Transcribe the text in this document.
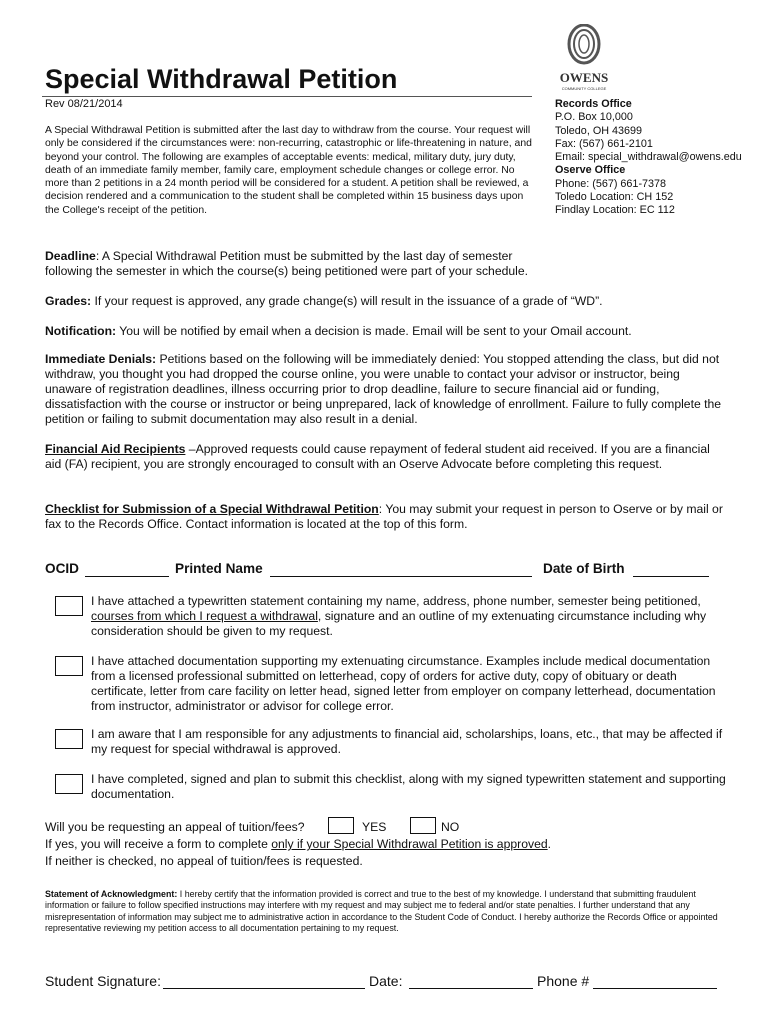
Special Withdrawal Petition
Rev 08/21/2014
A Special Withdrawal Petition is submitted after the last day to withdraw from the course. Your request will only be considered if the circumstances were: non-recurring, catastrophic or life-threatening in nature, and beyond your control. The following are examples of acceptable events: medical, military duty, jury duty, death of an immediate family member, family care, employment schedule changes or college error. No more than 2 petitions in a 24 month period will be considered for a student. A petition shall be reviewed, a decision rendered and a communication to the student shall be completed within 15 business days upon the College's receipt of the petition.
OWENS
COMMUNITY COLLEGE
Records Office
P.O. Box 10,000
Toledo, OH 43699
Fax: (567) 661-2101
Email: special_withdrawal@owens.edu
Oserve Office
Phone: (567) 661-7378
Toledo Location: CH 152
Findlay Location: EC 112
Deadline: A Special Withdrawal Petition must be submitted by the last day of semester following the semester in which the course(s) being petitioned were part of your schedule.
Grades: If your request is approved, any grade change(s) will result in the issuance of a grade of “WD”.
Notification: You will be notified by email when a decision is made. Email will be sent to your Omail account.
Immediate Denials: Petitions based on the following will be immediately denied: You stopped attending the class, but did not withdraw, you thought you had dropped the course online, you were unable to contact your advisor or instructor, being unaware of registration deadlines, illness occurring prior to drop deadline, failure to secure financial aid or funding, dissatisfaction with the course or instructor or being unprepared, lack of knowledge of enrollment. Failure to fully complete the petition or failing to submit documentation may also result in a denial.
Financial Aid Recipients –Approved requests could cause repayment of federal student aid received. If you are a financial aid (FA) recipient, you are strongly encouraged to consult with an Oserve Advocate before completing this request.
Checklist for Submission of a Special Withdrawal Petition: You may submit your request in person to Oserve or by mail or fax to the Records Office. Contact information is located at the top of this form.
OCID	Printed Name	Date of Birth
I have attached a typewritten statement containing my name, address, phone number, semester being petitioned, courses from which I request a withdrawal, signature and an outline of my extenuating circumstance including why consideration should be given to my request.
I have attached documentation supporting my extenuating circumstance. Examples include medical documentation from a licensed professional submitted on letterhead, copy of orders for active duty, copy of obituary or death certificate, letter from care facility on letter head, signed letter from employer on company letterhead, documentation from instructor, administrator or advisor for college error.
I am aware that I am responsible for any adjustments to financial aid, scholarships, loans, etc., that may be affected if my request for special withdrawal is approved.
I have completed, signed and plan to submit this checklist, along with my signed typewritten statement and supporting documentation.
Will you be requesting an appeal of tuition/fees?	YES	NO
If yes, you will receive a form to complete only if your Special Withdrawal Petition is approved.
If neither is checked, no appeal of tuition/fees is requested.
Statement of Acknowledgment: I hereby certify that the information provided is correct and true to the best of my knowledge. I understand that submitting fraudulent information or failure to follow specified instructions may interfere with my request and may subject me to federal and/or state penalties. I further understand that any misrepresentation of information may subject me to administrative action in accordance to the Student Code of Conduct. I hereby authorize the Records Office or appointed representative reviewing my petition access to all documentation pertaining to my request.
Student Signature:	Date:	Phone #
